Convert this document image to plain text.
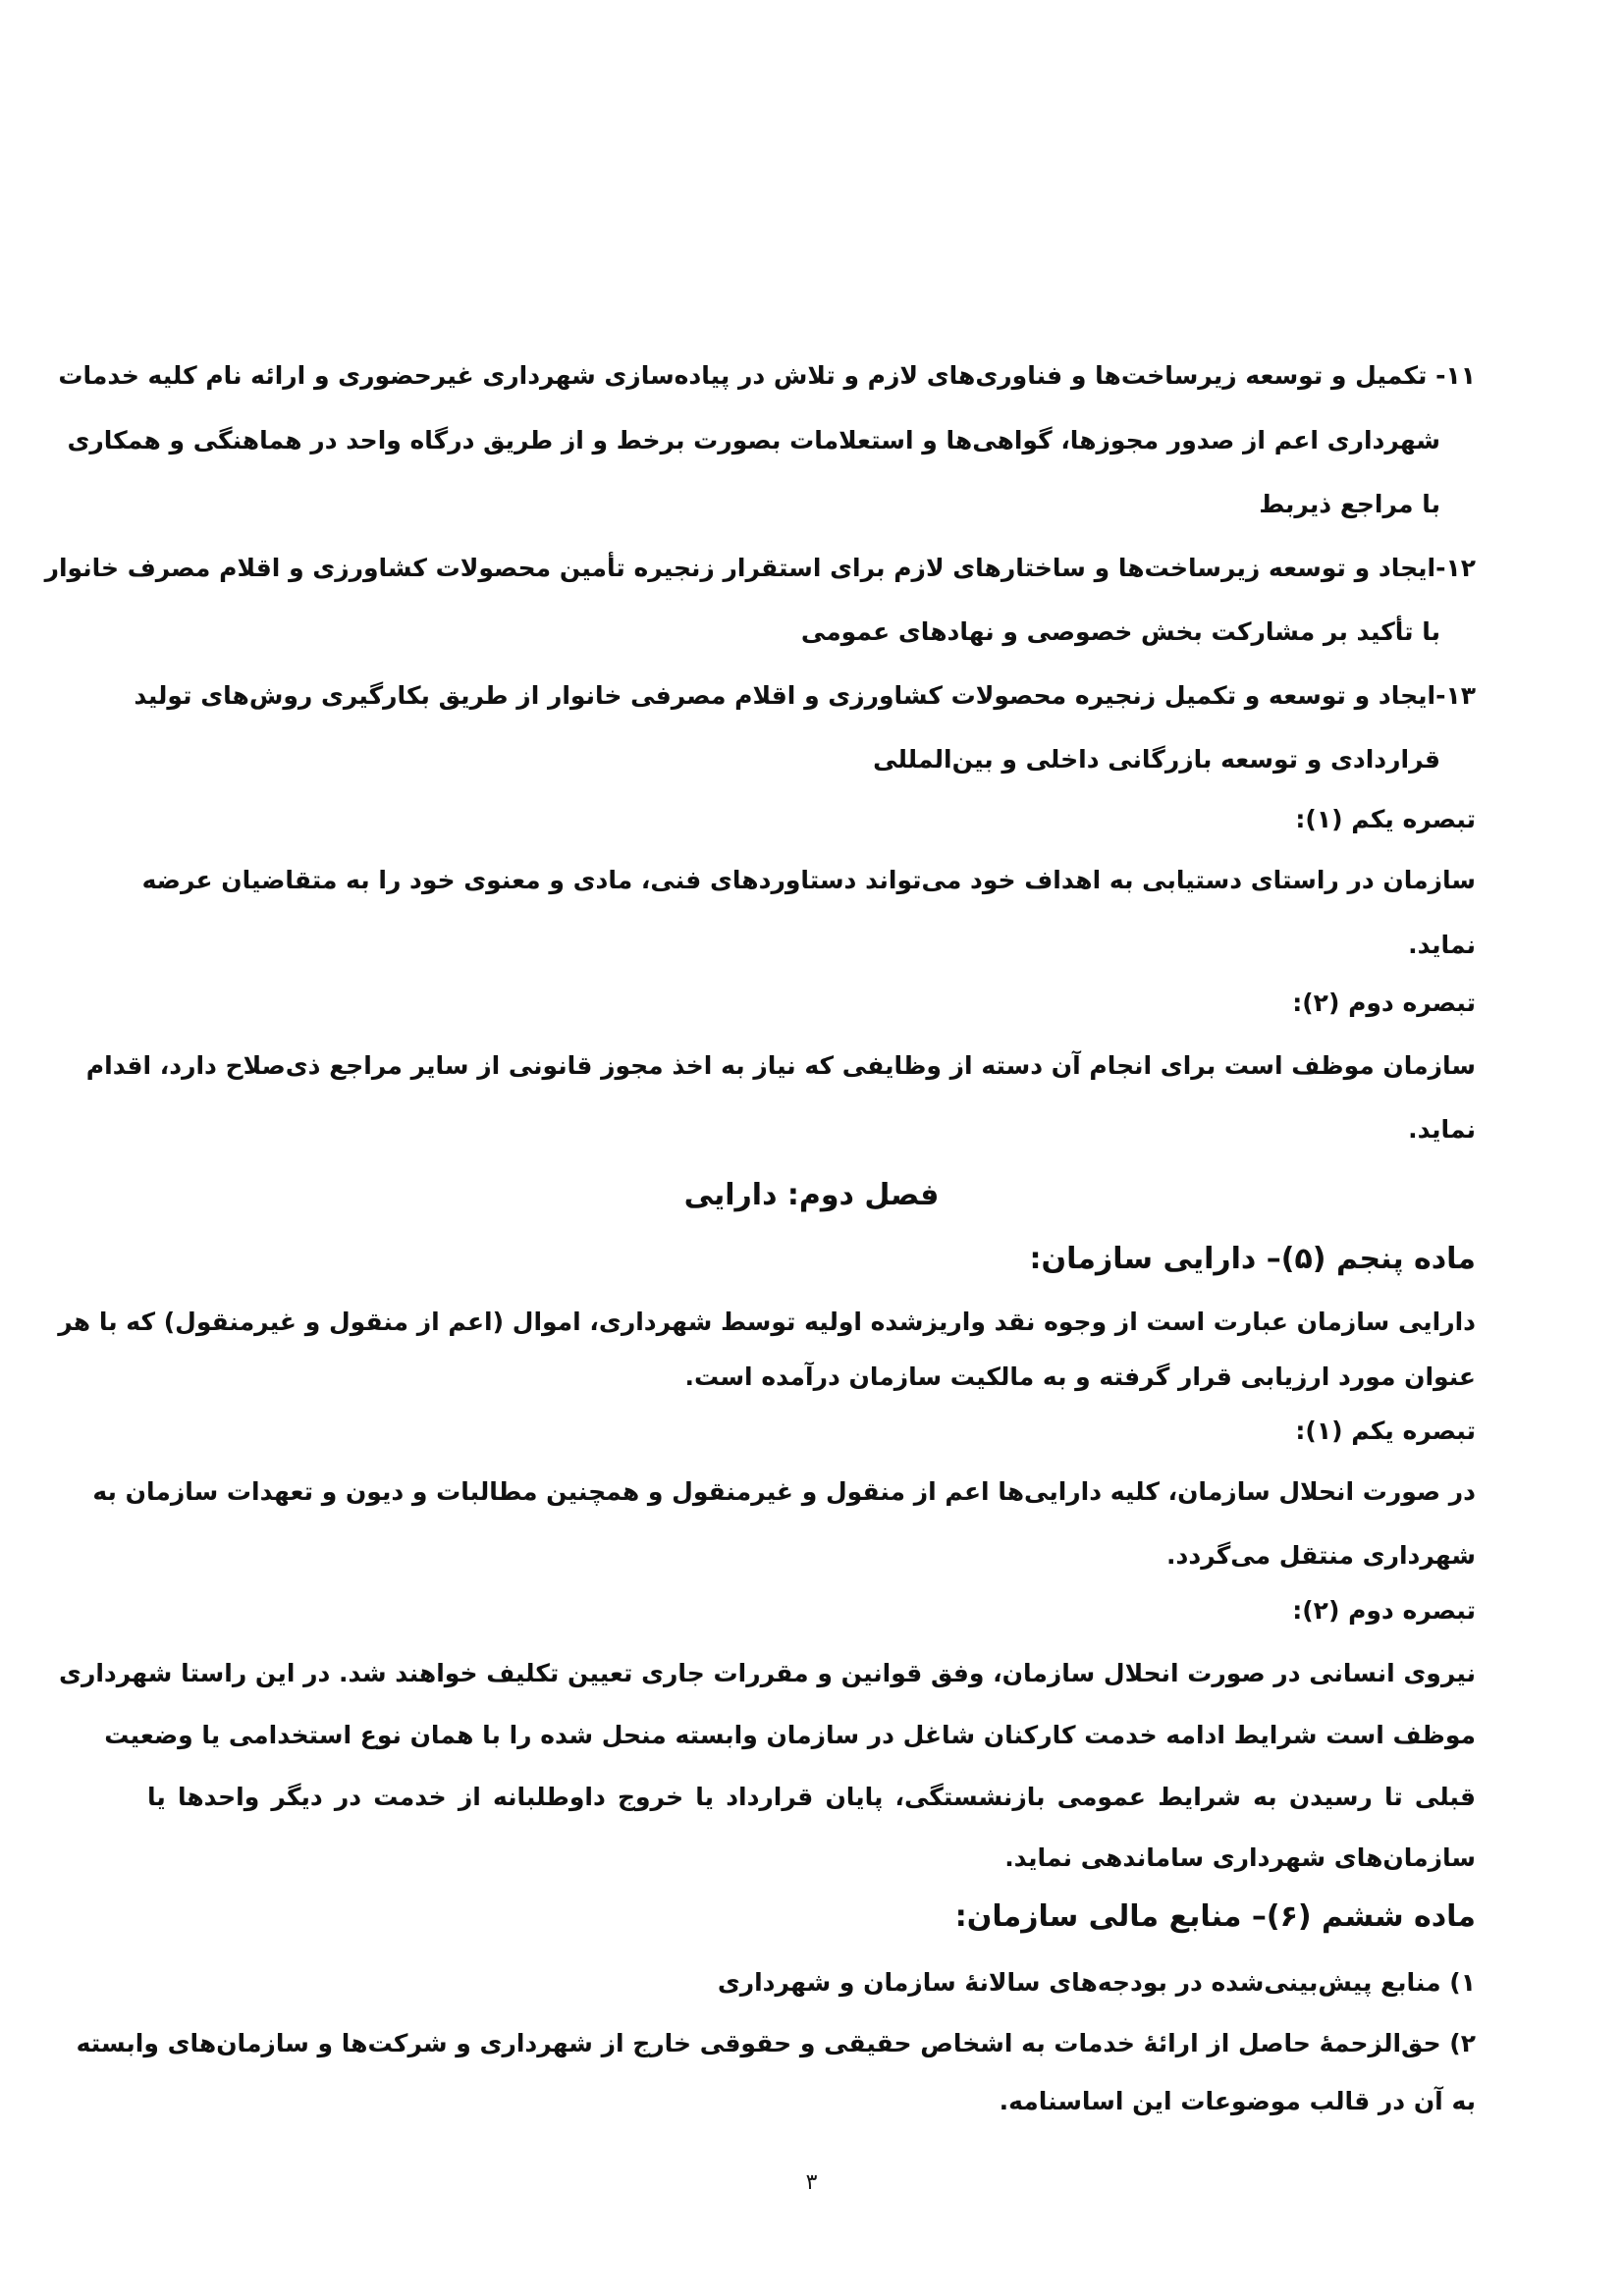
۱۱- تکمیل و توسعه زیرساخت‌ها و فناوری‌های لازم و تلاش در پیاده‌سازی شهرداری غیرحضوری و ارائه نام کلیه خدمات
شهرداری اعم از صدور مجوزها، گواهی‌ها و استعلامات بصورت برخط و از طریق درگاه واحد در هماهنگی و همکاری
با مراجع ذیربط
۱۲-ایجاد و توسعه زیرساخت‌ها و ساختارهای لازم برای استقرار زنجیره تأمین محصولات کشاورزی و اقلام مصرف خانوار
با تأکید بر مشارکت بخش خصوصی و نهادهای عمومی
۱۳-ایجاد و توسعه و تکمیل زنجیره محصولات کشاورزی و اقلام مصرفی خانوار از طریق بکارگیری روش‌های تولید
قراردادی و توسعه بازرگانی داخلی و بین‌المللی
تبصره یکم (۱):
سازمان در راستای دستیابی به اهداف خود می‌تواند دستاوردهای فنی، مادی و معنوی خود را به متقاضیان عرضه
نماید.
تبصره دوم (۲):
سازمان موظف است برای انجام آن دسته از وظایفی که نیاز به اخذ مجوز قانونی از سایر مراجع ذی‌صلاح دارد، اقدام
نماید.
فصل دوم: دارایی
ماده پنجم (۵)– دارایی سازمان:
دارایی سازمان عبارت است از وجوه نقد واریزشده اولیه توسط شهرداری، اموال (اعم از منقول و غیرمنقول) که با هر
عنوان مورد ارزیابی قرار گرفته و به مالکیت سازمان درآمده است.
تبصره یکم (۱):
در صورت انحلال سازمان، کلیه دارایی‌ها اعم از منقول و غیرمنقول و همچنین مطالبات و دیون و تعهدات سازمان به
شهرداری منتقل می‌گردد.
تبصره دوم (۲):
نیروی انسانی در صورت انحلال سازمان، وفق قوانین و مقررات جاری تعیین تکلیف خواهند شد. در این راستا شهرداری
موظف است شرایط ادامه خدمت کارکنان شاغل در سازمان وابسته منحل شده را با همان نوع استخدامی یا وضعیت
قبلی تا رسیدن به شرایط عمومی بازنشستگی، پایان قرارداد یا خروج داوطلبانه از خدمت در دیگر واحدها یا
سازمان‌های شهرداری ساماندهی نماید.
ماده ششم (۶)– منابع مالی سازمان:
۱) منابع پیش‌بینی‌شده در بودجه‌های سالانۀ سازمان و شهرداری
۲) حق‌الزحمۀ حاصل از ارائۀ خدمات به اشخاص حقیقی و حقوقی خارج از شهرداری و شرکت‌ها و سازمان‌های وابسته
به آن در قالب موضوعات این اساسنامه.
۳
